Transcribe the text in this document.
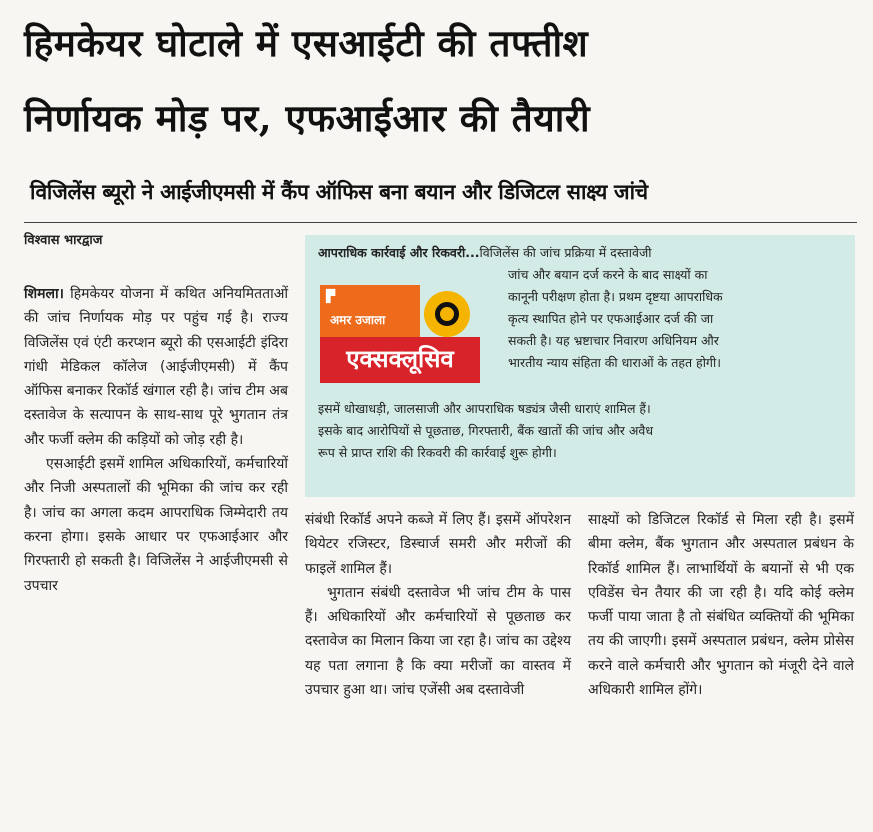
हिमकेयर घोटाले में एसआईटी की तफ्तीश
निर्णायक मोड़ पर, एफआईआर की तैयारी
विजिलेंस ब्यूरो ने आईजीएमसी में कैंप ऑफिस बना बयान और डिजिटल साक्ष्य जांचे
विश्वास भारद्वाज
आपराधिक कार्रवाई और रिकवरी...विजिलेंस की जांच प्रक्रिया में दस्तावेजी
जांच और बयान दर्ज करने के बाद साक्ष्यों का
कानूनी परीक्षण होता है। प्रथम दृष्टया आपराधिक
कृत्य स्थापित होने पर एफआईआर दर्ज की जा
सकती है। यह भ्रष्टाचार निवारण अधिनियम और
भारतीय न्याय संहिता की धाराओं के तहत होगी।
इसमें धोखाधड़ी, जालसाजी और आपराधिक षड्यंत्र जैसी धाराएं शामिल हैं।
इसके बाद आरोपियों से पूछताछ, गिरफ्तारी, बैंक खातों की जांच और अवैध
रूप से प्राप्त राशि की रिकवरी की कार्रवाई शुरू होगी।
▛
अमर उजाला
एक्सक्लूसिव

शिमला। हिमकेयर योजना में कथित अनियमितताओं की जांच निर्णायक मोड़ पर पहुंच गई है। राज्य विजिलेंस एवं एंटी करप्शन ब्यूरो की एसआईटी इंदिरा गांधी मेडिकल कॉलेज (आईजीएमसी) में कैंप ऑफिस बनाकर रिकॉर्ड खंगाल रही है। जांच टीम अब दस्तावेज के सत्यापन के साथ-साथ पूरे भुगतान तंत्र और फर्जी क्लेम की कड़ियों को जोड़ रही है।

एसआईटी इसमें शामिल अधिकारियों, कर्मचारियों और निजी अस्पतालों की भूमिका की जांच कर रही है। जांच का अगला कदम आपराधिक जिम्मेदारी तय करना होगा। इसके आधार पर एफआईआर और गिरफ्तारी हो सकती है। विजिलेंस ने आईजीएमसी से उपचार

संबंधी रिकॉर्ड अपने कब्जे में लिए हैं। इसमें ऑपरेशन थियेटर रजिस्टर, डिस्चार्ज समरी और मरीजों की फाइलें शामिल हैं।

भुगतान संबंधी दस्तावेज भी जांच टीम के पास हैं। अधिकारियों और कर्मचारियों से पूछताछ कर दस्तावेज का मिलान किया जा रहा है। जांच का उद्देश्य यह पता लगाना है कि क्या मरीजों का वास्तव में उपचार हुआ था। जांच एजेंसी अब दस्तावेजी

साक्ष्यों को डिजिटल रिकॉर्ड से मिला रही है। इसमें बीमा क्लेम, बैंक भुगतान और अस्पताल प्रबंधन के रिकॉर्ड शामिल हैं। लाभार्थियों के बयानों से भी एक एविडेंस चेन तैयार की जा रही है। यदि कोई क्लेम फर्जी पाया जाता है तो संबंधित व्यक्तियों की भूमिका तय की जाएगी। इसमें अस्पताल प्रबंधन, क्लेम प्रोसेस करने वाले कर्मचारी और भुगतान को मंजूरी देने वाले अधिकारी शामिल होंगे।
